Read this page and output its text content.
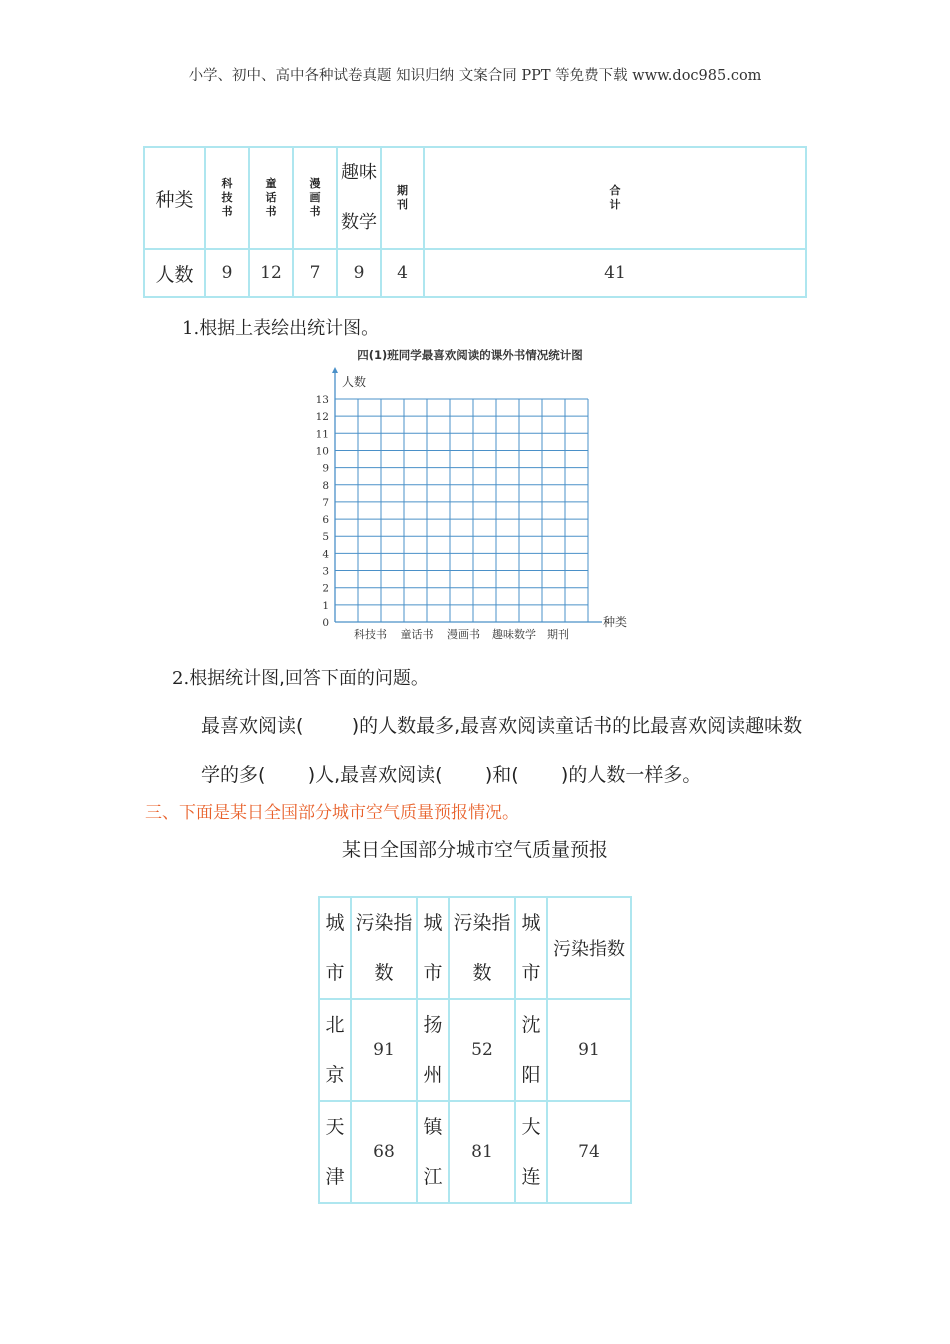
小学、初中、高中各种试卷真题 知识归纳 文案合同 PPT 等免费下载 www.doc985.com
种类	科技书	童话书	漫画书	趣味数学	期刊	合计
人数	9	12	7	9	4	41
1.根据上表绘出统计图。
四(1)班同学最喜欢阅读的课外书情况统计图
0
1
2
3
4
5
6
7
8
9
10
11
12
13
科技书 童话书 漫画书 趣味数学 期刊
人数
种类
2.根据统计图,回答下面的问题。
最喜欢阅读(        )的人数最多,最喜欢阅读童话书的比最喜欢阅读趣味数
学的多(       )人,最喜欢阅读(       )和(       )的人数一样多。
三、下面是某日全国部分城市空气质量预报情况。
某日全国部分城市空气质量预报
城市	污染指数	城市	污染指数	城市	污染指数
北京	91	扬州	52	沈阳	91
天津	68	镇江	81	大连	74
